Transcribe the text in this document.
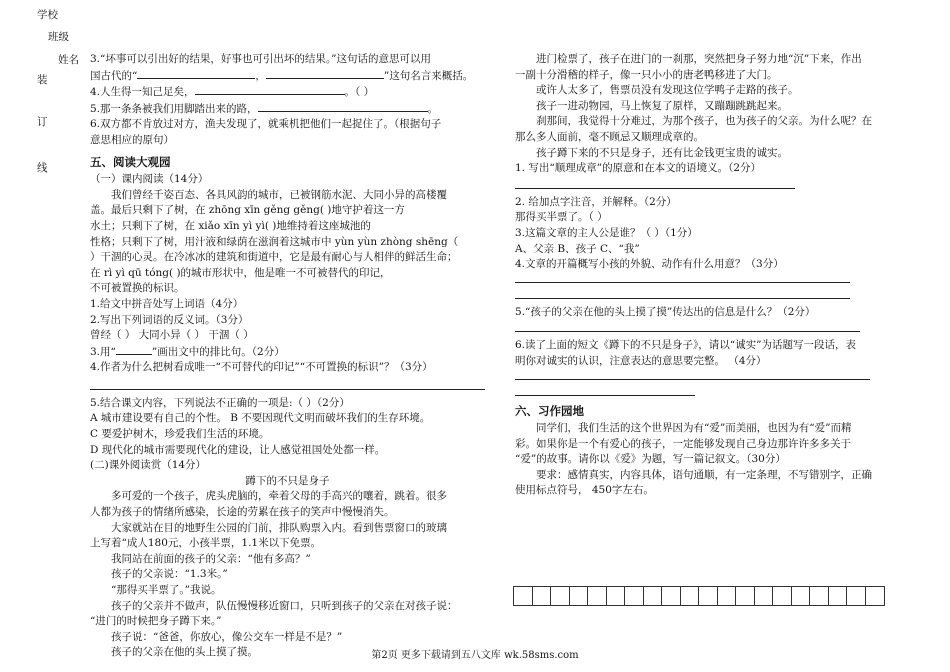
学校
班级
姓名
装
订
线

3.“坏事可以引出好的结果，好事也可引出坏的结果。”这句话的意思可以用

国古代的“	，	”这句名言来概括。

4.人生得一知己足矣，	。（ ）

5.那一条条被我们用脚踏出来的路，	。

6.双方都不肯放过对方，渔夫发现了，就乘机把他们一起捉住了。（根据句子

意思相应的原句）

五、阅读大观园

（一）课内阅读（14分）

我们曾经千姿百态、各具风韵的城市，已被钢筋水泥、大同小异的高楼覆

盖。最后只剩下了树，在 zhōng xīn gěng gěng( )地守护着这一方

水土；只剩下了树，在 xiǎo xīn yì yì( )地维持着这座城池的

性格；只剩下了树，用汁液和绿荫在滋润着这城市中 yùn yùn zhòng shēng（

）干涸的心灵。在冷冰冰的建筑和街道中，它是最有耐心与人相伴的鲜活生命；

在 rì yì qū tóng( )的城市形状中，他是唯一不可被替代的印记，

不可被置换的标识。

1.给文中拼音处写上词语（4分）

2.写出下列词语的反义词。（3分）

曾经（ ） 大同小异（ ） 干涸（ ）

3.用“	”画出文中的排比句。（2分）

4.作者为什么把树看成唯一“不可替代的印记”“不可置换的标识”？（3分）

5.结合课文内容，下列说法不正确的一项是:（ ）（2分）

A 城市建设要有自己的个性。 B 不要因现代文明而破坏我们的生存环境。

C 要爱护树木，珍爱我们生活的环境。

D 现代化的城市需要现代化的建设，让人感觉祖国处处都一样。

(二)课外阅读赏（14分）

蹲下的不只是身子

多可爱的一个孩子，虎头虎脑的，牵着父母的手高兴的嚷着，跳着。很多

人都为孩子的情绪所感染，长途的劳累在孩子的笑声中慢慢消失。

大家就站在目的地野生公园的门前，排队购票入内。看到售票窗口的玻璃

上写着“成人180元，小孩半票，1.1米以下免票。

我同站在前面的孩子的父亲：“他有多高？”

孩子的父亲说：“1.3米。”

“那得买半票了。”我说。

孩子的父亲并不做声，队伍慢慢移近窗口，只听到孩子的父亲在对孩子说：

“进门的时候把身子蹲下来。”

孩子说：“爸爸，你放心，像公交车一样是不是？”

孩子的父亲在他的头上摸了摸。

进门检票了，孩子在进门的一刹那，突然把身子努力地“沉”下来，作出

一副十分滑稽的样子，像一只小小的唐老鸭移进了大门。

或许人太多了，售票员没有发现这位学鸭子走路的孩子。

孩子一进动物园，马上恢复了原样，又蹦蹦跳跳起来。

刹那间，我觉得十分难过，为那个孩子，也为孩子的父亲。为什么呢？在

那么多人面前，毫不顾忌又顺理成章的。

孩子蹲下来的不只是身子，还有比金钱更宝贵的诚实。

1. 写出“顺理成章”的原意和在本文的语境义。（2分）

2. 给加点字注音，并解释。（2分）

那得买半票了。（ ）

3.这篇文章的主人公是谁？（ ）（1分）

A、父亲 B、孩子 C、“我”

4.文章的开篇概写小孩的外貌、动作有什么用意？（3分）

5.“孩子的父亲在他的头上摸了摸”传达出的信息是什么？（2分）

6.读了上面的短文《蹲下的不只是身子》，请以“诚实”为话题写一段话，表

明你对诚实的认识，注意表达的意思要完整。 （4分）

六、习作园地

同学们，我们生活的这个世界因为有“爱”而美丽，也因为有“爱”而精

彩。如果你是一个有爱心的孩子，一定能够发现自己身边那许许多多关于

“爱”的故事。请你以《爱》为题，写一篇记叙文。（30分）

要求：感情真实，内容具体，语句通顺，有一定条理，不写错别字，正确

使用标点符号， 450字左右。

第2页 更多下载请到五八文库 wk.58sms.com
